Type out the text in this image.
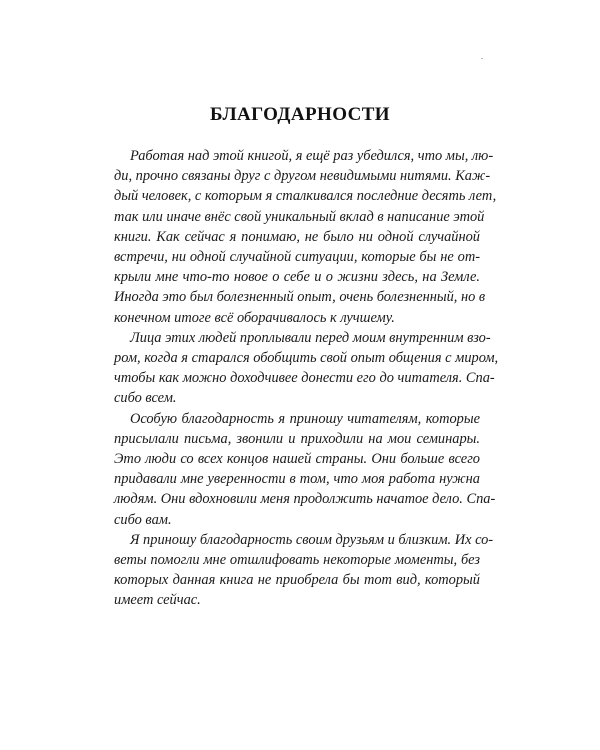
БЛАГОДАРНОСТИ

Работая над этой книгой, я ещё раз убедился, что мы, лю-
ди, прочно связаны друг с другом невидимыми нитями. Каж-
дый человек, с которым я сталкивался последние десять лет,
так или иначе внёс свой уникальный вклад в написание этой
книги. Как сейчас я понимаю, не было ни одной случайной
встречи, ни одной случайной ситуации, которые бы не от-
крыли мне что-то новое о себе и о жизни здесь, на Земле.
Иногда это был болезненный опыт, очень болезненный, но в
конечном итоге всё оборачивалось к лучшему.

Лица этих людей проплывали перед моим внутренним взо-
ром, когда я старался обобщить свой опыт общения с миром,
чтобы как можно доходчивее донести его до читателя. Спа-
сибо всем.

Особую благодарность я приношу читателям, которые
присылали письма, звонили и приходили на мои семинары.
Это люди со всех концов нашей страны. Они больше всего
придавали мне уверенности в том, что моя работа нужна
людям. Они вдохновили меня продолжить начатое дело. Спа-
сибо вам.

Я приношу благодарность своим друзьям и близким. Их со-
веты помогли мне отшлифовать некоторые моменты, без
которых данная книга не приобрела бы тот вид, который
имеет сейчас.
